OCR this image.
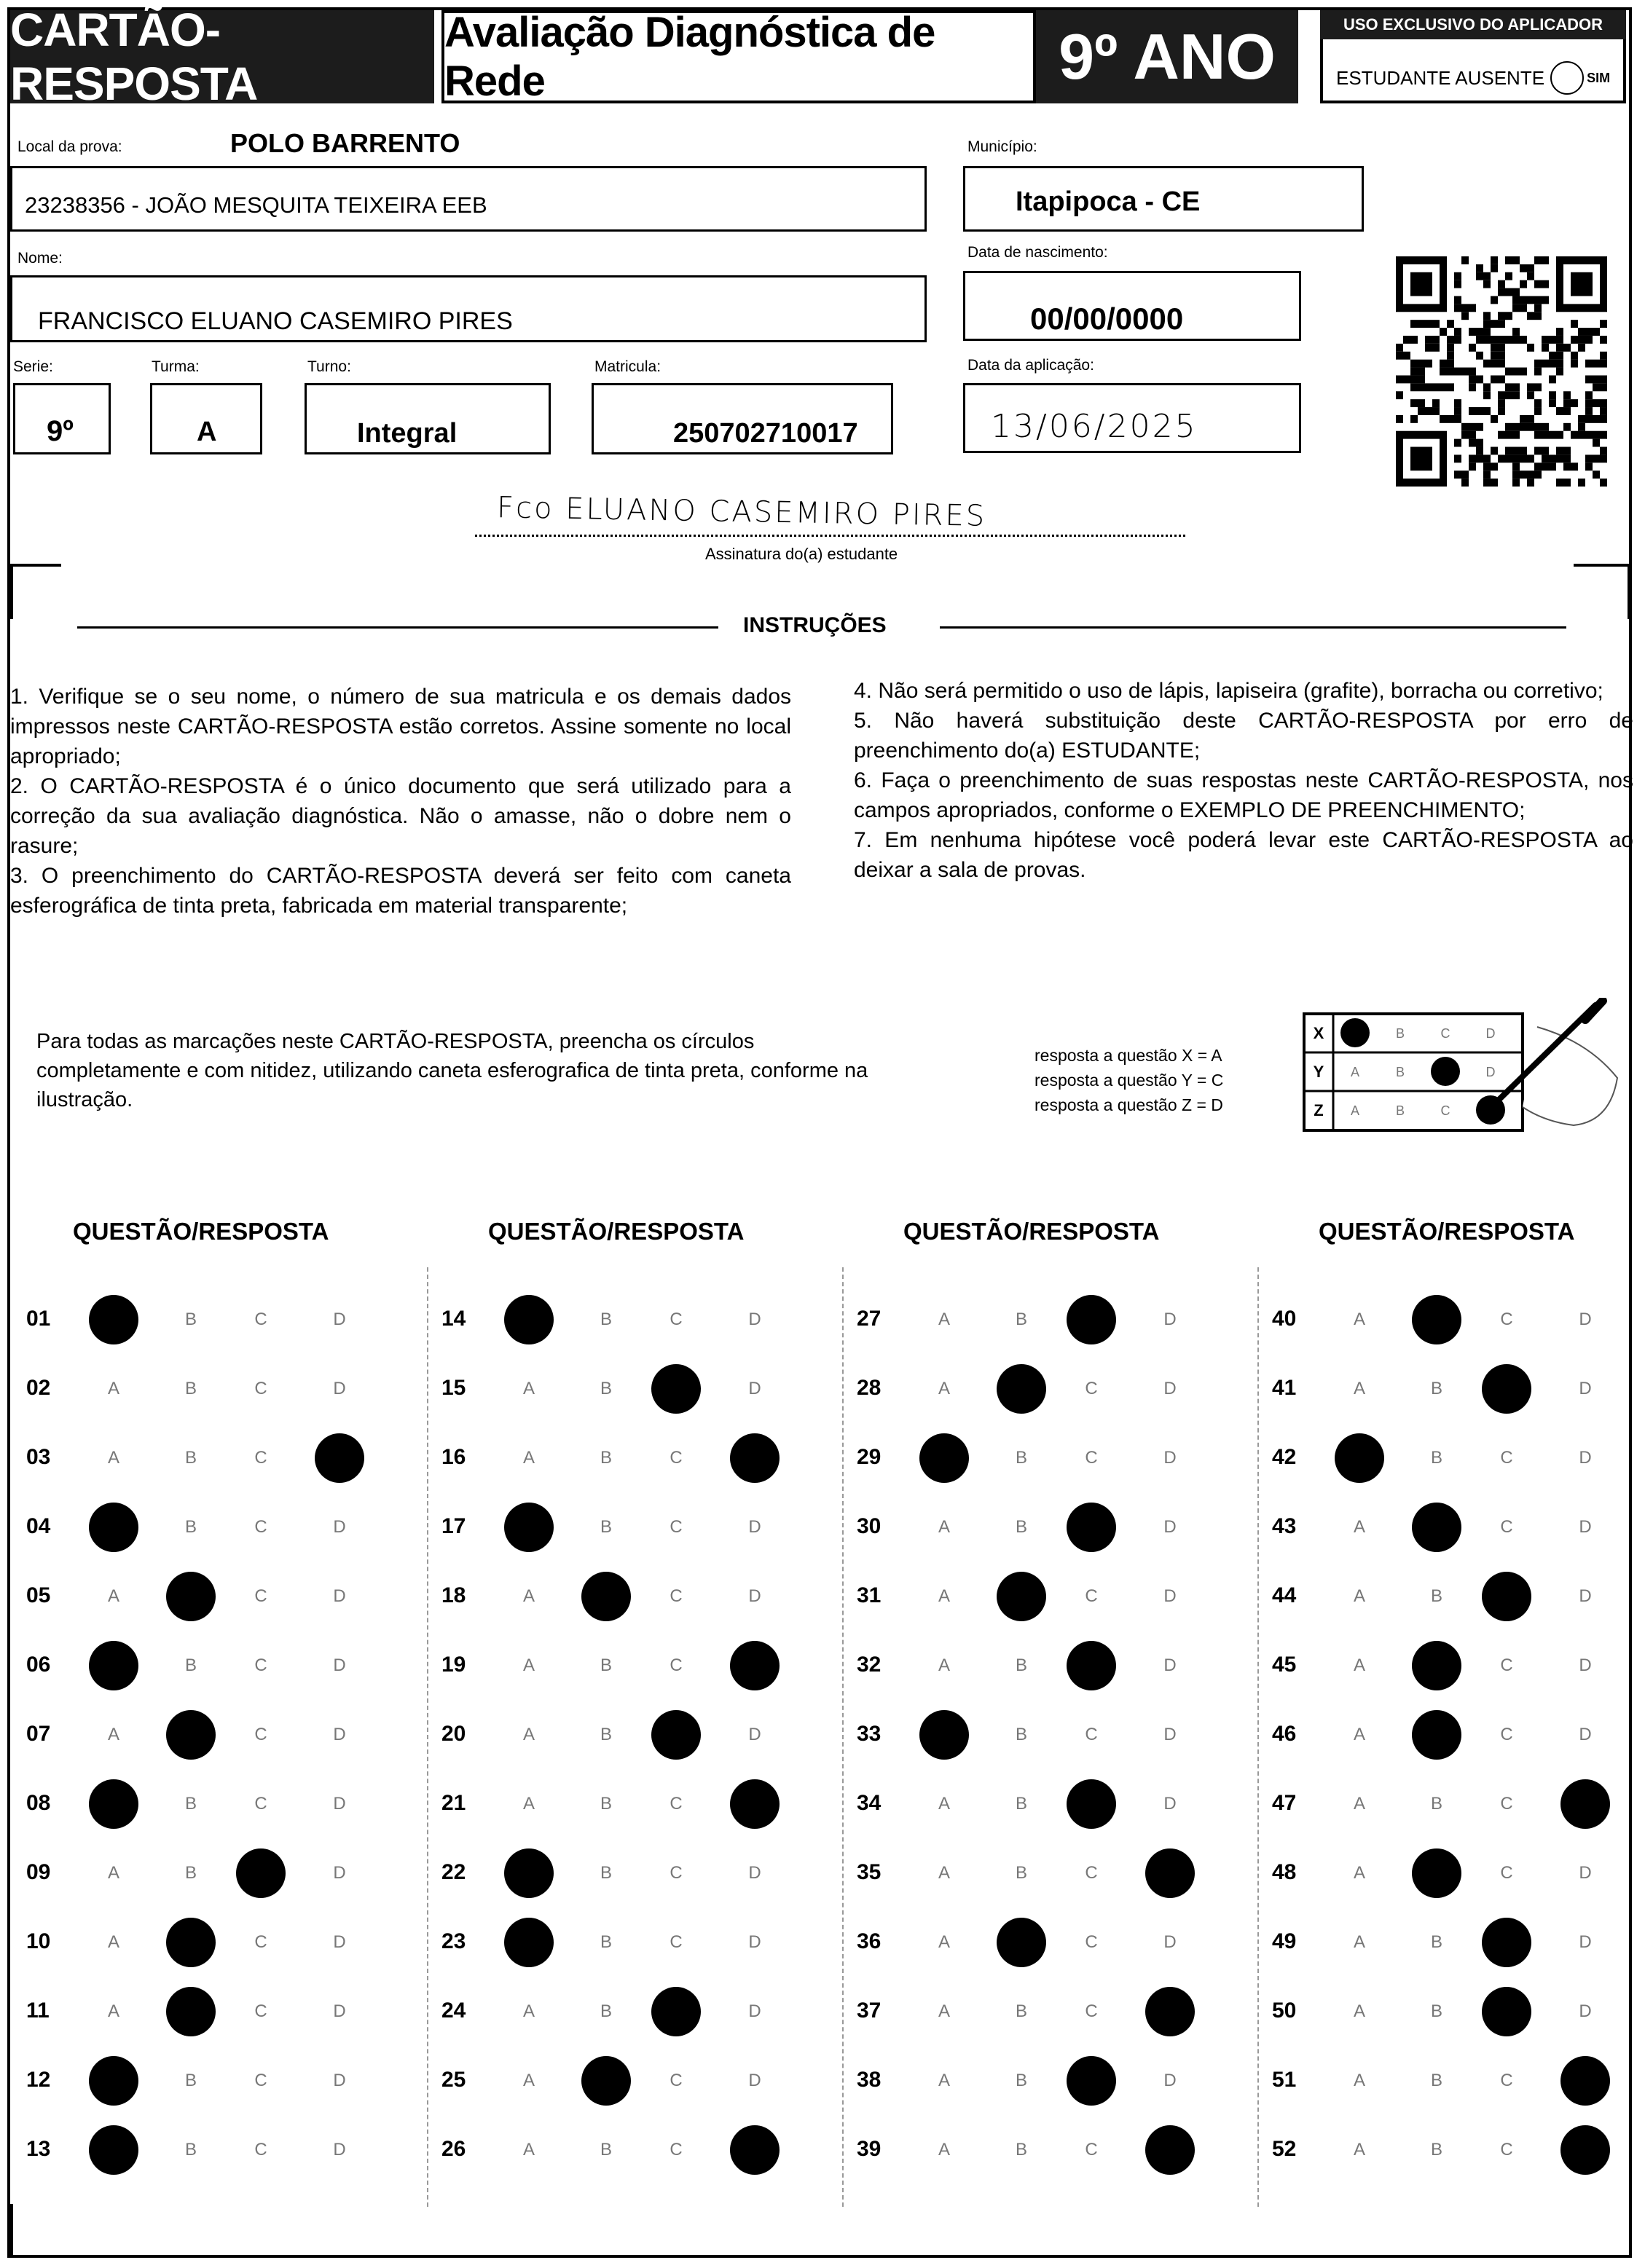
CARTÃO-RESPOSTA
Avaliação Diagnóstica de Rede	9º ANO	USO EXCLUSIVO DO APLICADOR
ESTUDANTE AUSENTE	SIM
Local da prova:	POLO BARRENTO
23238356 - JOÃO MESQUITA TEIXEIRA EEB
Município:
Itapipoca - CE
Nome:
FRANCISCO ELUANO CASEMIRO PIRES
Data de nascimento:
00/00/0000
Serie:
9º
Turma:
A
Turno:
Integral
Matricula:
250702710017
Data da aplicação:
13/06/2025
Fco ELUANO CASEMIRO PIRES
Assinatura do(a) estudante
INSTRUÇÕES
1. Verifique se o seu nome, o número de sua matricula e os demais dados impressos neste CARTÃO-RESPOSTA estão corretos. Assine somente no local apropriado;
2. O CARTÃO-RESPOSTA é o único documento que será utilizado para a correção da sua avaliação diagnóstica. Não o amasse, não o dobre nem o rasure;
3. O preenchimento do CARTÃO-RESPOSTA deverá ser feito com caneta esferográfica de tinta preta, fabricada em material transparente;
4. Não será permitido o uso de lápis, lapiseira (grafite), borracha ou corretivo;
5. Não haverá substituição deste CARTÃO-RESPOSTA por erro de preenchimento do(a) ESTUDANTE;
6. Faça o preenchimento de suas respostas neste CARTÃO-RESPOSTA, nos campos apropriados, conforme o EXEMPLO DE PREENCHIMENTO;
7. Em nenhuma hipótese você poderá levar este CARTÃO-RESPOSTA ao deixar a sala de provas.
Para todas as marcações neste CARTÃO-RESPOSTA, preencha os círculos completamente e com nitidez, utilizando caneta esferografica de tinta preta, conforme na ilustração.
resposta a questão X = A
resposta a questão Y = C
resposta a questão Z = D
X	B	C	D
Y A	B	D
Z A	B	C
QUESTÃO/RESPOSTA	QUESTÃO/RESPOSTA	QUESTÃO/RESPOSTA	QUESTÃO/RESPOSTA
01	B	C	D
02	A	B	C	D
03	A	B	C
04	B	C	D
05	A	C	D
06	B	C	D
07	A	C	D
08	B	C	D
09	A	B	D
10	A	C	D
11	A	C	D
12	B	C	D
13	B	C	D
14	B	C	D
15	A	B	D
16	A	B	C
17	B	C	D
18	A	C	D
19	A	B	C
20	A	B	D
21	A	B	C
22	B	C	D
23	B	C	D
24	A	B	D
25	A	C	D
26	A	B	C
27	A	B	D
28	A	C	D
29	B	C	D
30	A	B	D
31	A	C	D
32	A	B	D
33	B	C	D
34	A	B	D
35	A	B	C
36	A	C	D
37	A	B	C
38	A	B	D
39	A	B	C
40	A	C	D
41	A	B	D
42	B	C	D
43	A	C	D
44	A	B	D
45	A	C	D
46	A	C	D
47	A	B	C
48	A	C	D
49	A	B	D
50	A	B	D
51	A	B	C
52	A	B	C
